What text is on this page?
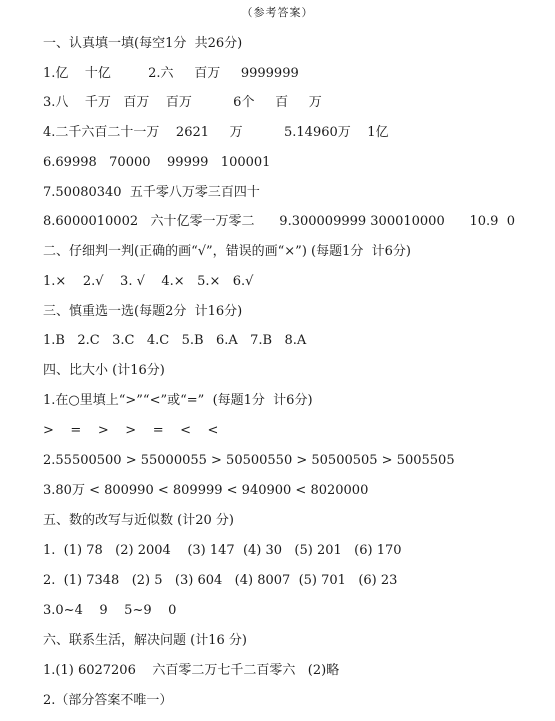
（参考答案）
一、认真填一填(每空1分  共26分)
1.亿    十亿         2.六     百万     9999999
3.八    千万   百万    百万          6个     百     万
4.二千六百二十一万    2621     万          5.14960万    1亿
6.69998   70000    99999   100001
7.50080340  五千零八万零三百四十
8.6000010002   六十亿零一万零二      9.300009999 300010000      10.9  0
二、仔细判一判(正确的画“√”，错误的画“×”) (每题1分  计6分)
1.×    2.√    3. √    4.×   5.×   6.√
三、慎重选一选(每题2分  计16分)
1.B   2.C   3.C   4.C   5.B   6.A   7.B   8.A
四、比大小 (计16分)
1.在○里填上“>”“<”或“=”  (每题1分  计6分)
>    =    >    >    =    <    <
2.55500500 > 55000055 > 50500550 > 50500505 > 5005505
3.80万 < 800990 < 809999 < 940900 < 8020000
五、数的改写与近似数 (计20 分)
1.  (1) 78   (2) 2004    (3) 147  (4) 30   (5) 201   (6) 170
2.  (1) 7348   (2) 5   (3) 604   (4) 8007  (5) 701   (6) 23
3.0~4    9    5~9    0
六、联系生活，解决问题 (计16 分)
1.(1) 6027206    六百零二万七千二百零六   (2)略
2.（部分答案不唯一）
